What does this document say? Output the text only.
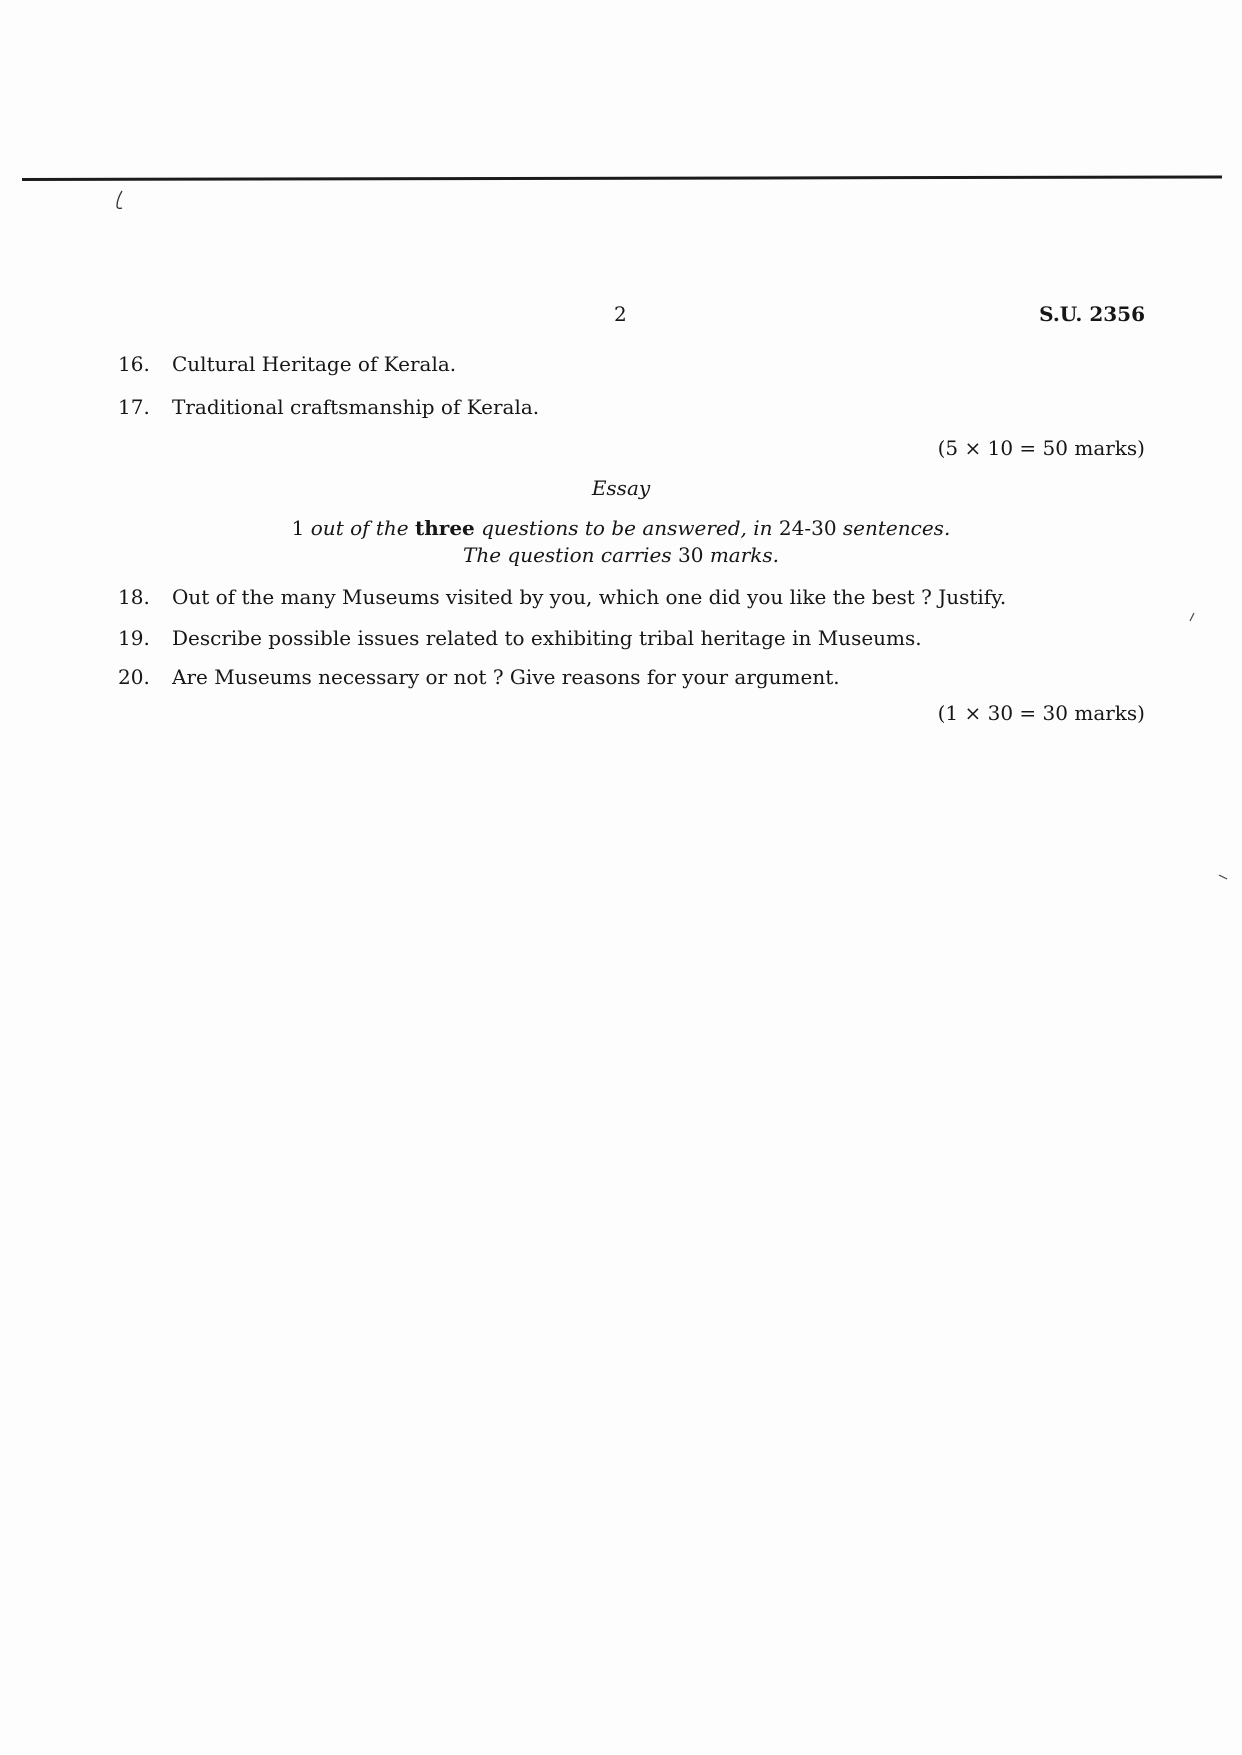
2	S.U. 2356
16. Cultural Heritage of Kerala.
17. Traditional craftsmanship of Kerala.
(5 × 10 = 50 marks)
Essay
1 out of the three questions to be answered, in 24-30 sentences.
The question carries 30 marks.
18. Out of the many Museums visited by you, which one did you like the best ? Justify.
19. Describe possible issues related to exhibiting tribal heritage in Museums.
20. Are Museums necessary or not ? Give reasons for your argument.
(1 × 30 = 30 marks)
